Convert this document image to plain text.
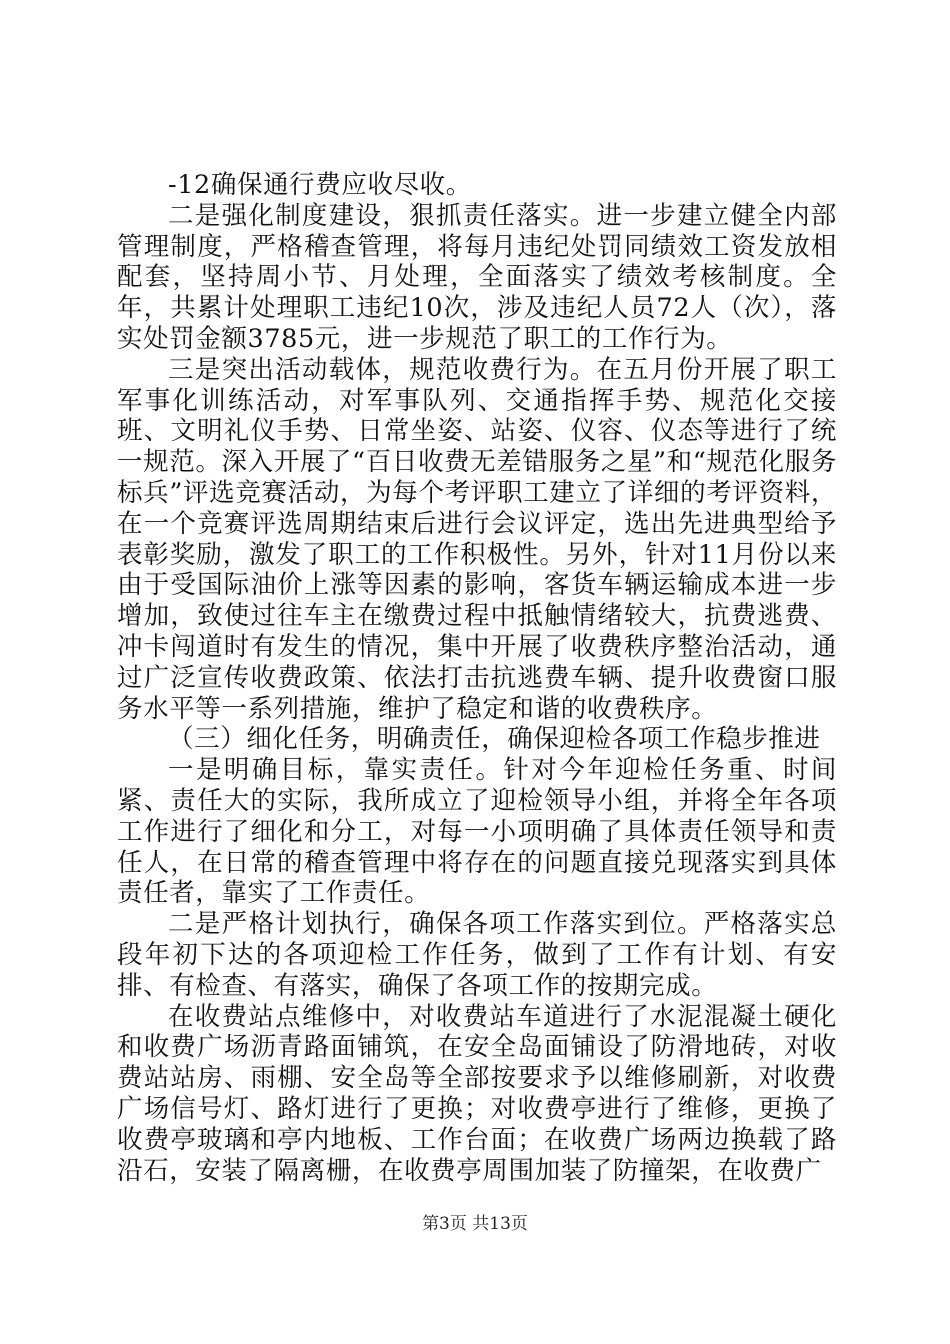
-12确保通行费应收尽收。

二是强化制度建设，狠抓责任落实。进一步建立健全内部管理制度，严格稽查管理，将每月违纪处罚同绩效工资发放相配套，坚持周小节、月处理，全面落实了绩效考核制度。全年，共累计处理职工违纪10次，涉及违纪人员72人（次），落实处罚金额3785元，进一步规范了职工的工作行为。

三是突出活动载体，规范收费行为。在五月份开展了职工军事化训练活动，对军事队列、交通指挥手势、规范化交接班、文明礼仪手势、日常坐姿、站姿、仪容、仪态等进行了统一规范。深入开展了“百日收费无差错服务之星”和“规范化服务标兵”评选竞赛活动，为每个考评职工建立了详细的考评资料，在一个竞赛评选周期结束后进行会议评定，选出先进典型给予表彰奖励，激发了职工的工作积极性。另外，针对11月份以来由于受国际油价上涨等因素的影响，客货车辆运输成本进一步增加，致使过往车主在缴费过程中抵触情绪较大，抗费逃费、冲卡闯道时有发生的情况，集中开展了收费秩序整治活动，通过广泛宣传收费政策、依法打击抗逃费车辆、提升收费窗口服务水平等一系列措施，维护了稳定和谐的收费秩序。

（三）细化任务，明确责任，确保迎检各项工作稳步推进

一是明确目标，靠实责任。针对今年迎检任务重、时间紧、责任大的实际，我所成立了迎检领导小组，并将全年各项工作进行了细化和分工，对每一小项明确了具体责任领导和责任人，在日常的稽查管理中将存在的问题直接兑现落实到具体责任者，靠实了工作责任。

二是严格计划执行，确保各项工作落实到位。严格落实总段年初下达的各项迎检工作任务，做到了工作有计划、有安排、有检查、有落实，确保了各项工作的按期完成。

在收费站点维修中，对收费站车道进行了水泥混凝土硬化和收费广场沥青路面铺筑，在安全岛面铺设了防滑地砖，对收费站站房、雨棚、安全岛等全部按要求予以维修刷新，对收费广场信号灯、路灯进行了更换；对收费亭进行了维修，更换了收费亭玻璃和亭内地板、工作台面；在收费广场两边换载了路沿石，安装了隔离栅，在收费亭周围加装了防撞架，在收费广

第3页 共13页
